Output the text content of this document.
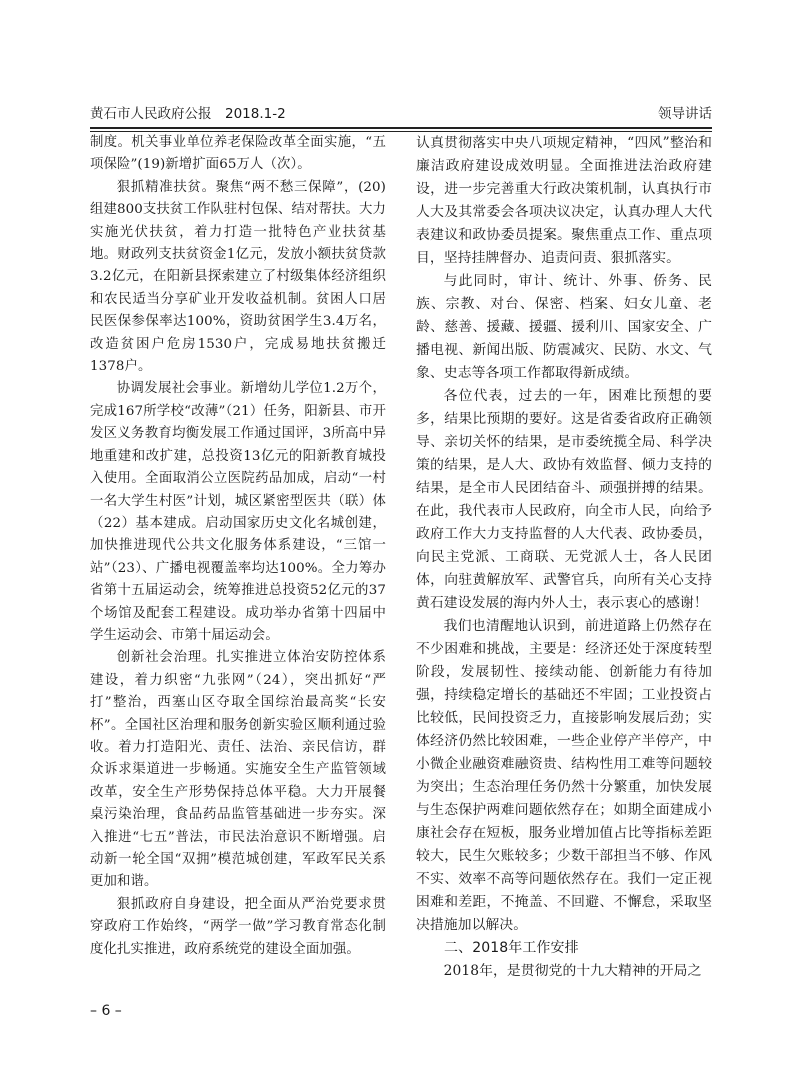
黄石市人民政府公报　2018.1-2	领导讲话

制度。机关事业单位养老保险改革全面实施，“五项保险”(19)新增扩面65万人（次）。

狠抓精准扶贫。聚焦“两不愁三保障”，(20)组建800支扶贫工作队驻村包保、结对帮扶。大力实施光伏扶贫，着力打造一批特色产业扶贫基地。财政列支扶贫资金1亿元，发放小额扶贫贷款3.2亿元，在阳新县探索建立了村级集体经济组织和农民适当分享矿业开发收益机制。贫困人口居民医保参保率达100%，资助贫困学生3.4万名，改造贫困户危房1530户，完成易地扶贫搬迁1378户。

协调发展社会事业。新增幼儿学位1.2万个，完成167所学校“改薄”（21）任务，阳新县、市开发区义务教育均衡发展工作通过国评，3所高中异地重建和改扩建，总投资13亿元的阳新教育城投入使用。全面取消公立医院药品加成，启动“一村一名大学生村医”计划，城区紧密型医共（联）体（22）基本建成。启动国家历史文化名城创建，加快推进现代公共文化服务体系建设，“三馆一站”（23）、广播电视覆盖率均达100%。全力筹办省第十五届运动会，统筹推进总投资52亿元的37个场馆及配套工程建设。成功举办省第十四届中学生运动会、市第十届运动会。

创新社会治理。扎实推进立体治安防控体系建设，着力织密“九张网”（24），突出抓好“严打”整治，西塞山区夺取全国综治最高奖“长安杯”。全国社区治理和服务创新实验区顺利通过验收。着力打造阳光、责任、法治、亲民信访，群众诉求渠道进一步畅通。实施安全生产监管领域改革，安全生产形势保持总体平稳。大力开展餐桌污染治理，食品药品监管基础进一步夯实。深入推进“七五”普法，市民法治意识不断增强。启动新一轮全国“双拥”模范城创建，军政军民关系更加和谐。

狠抓政府自身建设，把全面从严治党要求贯穿政府工作始终，“两学一做”学习教育常态化制度化扎实推进，政府系统党的建设全面加强。

认真贯彻落实中央八项规定精神，“四风”整治和廉洁政府建设成效明显。全面推进法治政府建设，进一步完善重大行政决策机制，认真执行市人大及其常委会各项决议决定，认真办理人大代表建议和政协委员提案。聚焦重点工作、重点项目，坚持挂牌督办、追责问责、狠抓落实。

与此同时，审计、统计、外事、侨务、民族、宗教、对台、保密、档案、妇女儿童、老龄、慈善、援藏、援疆、援利川、国家安全、广播电视、新闻出版、防震减灾、民防、水文、气象、史志等各项工作都取得新成绩。

各位代表，过去的一年，困难比预想的要多，结果比预期的要好。这是省委省政府正确领导、亲切关怀的结果，是市委统揽全局、科学决策的结果，是人大、政协有效监督、倾力支持的结果，是全市人民团结奋斗、顽强拼搏的结果。在此，我代表市人民政府，向全市人民，向给予政府工作大力支持监督的人大代表、政协委员，向民主党派、工商联、无党派人士，各人民团体，向驻黄解放军、武警官兵，向所有关心支持黄石建设发展的海内外人士，表示衷心的感谢！

我们也清醒地认识到，前进道路上仍然存在不少困难和挑战，主要是：经济还处于深度转型阶段，发展韧性、接续动能、创新能力有待加强，持续稳定增长的基础还不牢固；工业投资占比较低，民间投资乏力，直接影响发展后劲；实体经济仍然比较困难，一些企业停产半停产，中小微企业融资难融资贵、结构性用工难等问题较为突出；生态治理任务仍然十分繁重，加快发展与生态保护两难问题依然存在；如期全面建成小康社会存在短板，服务业增加值占比等指标差距较大，民生欠账较多；少数干部担当不够、作风不实、效率不高等问题依然存在。我们一定正视困难和差距，不掩盖、不回避、不懈怠，采取坚决措施加以解决。

二、2018年工作安排

2018年，是贯彻党的十九大精神的开局之

– 6 –
